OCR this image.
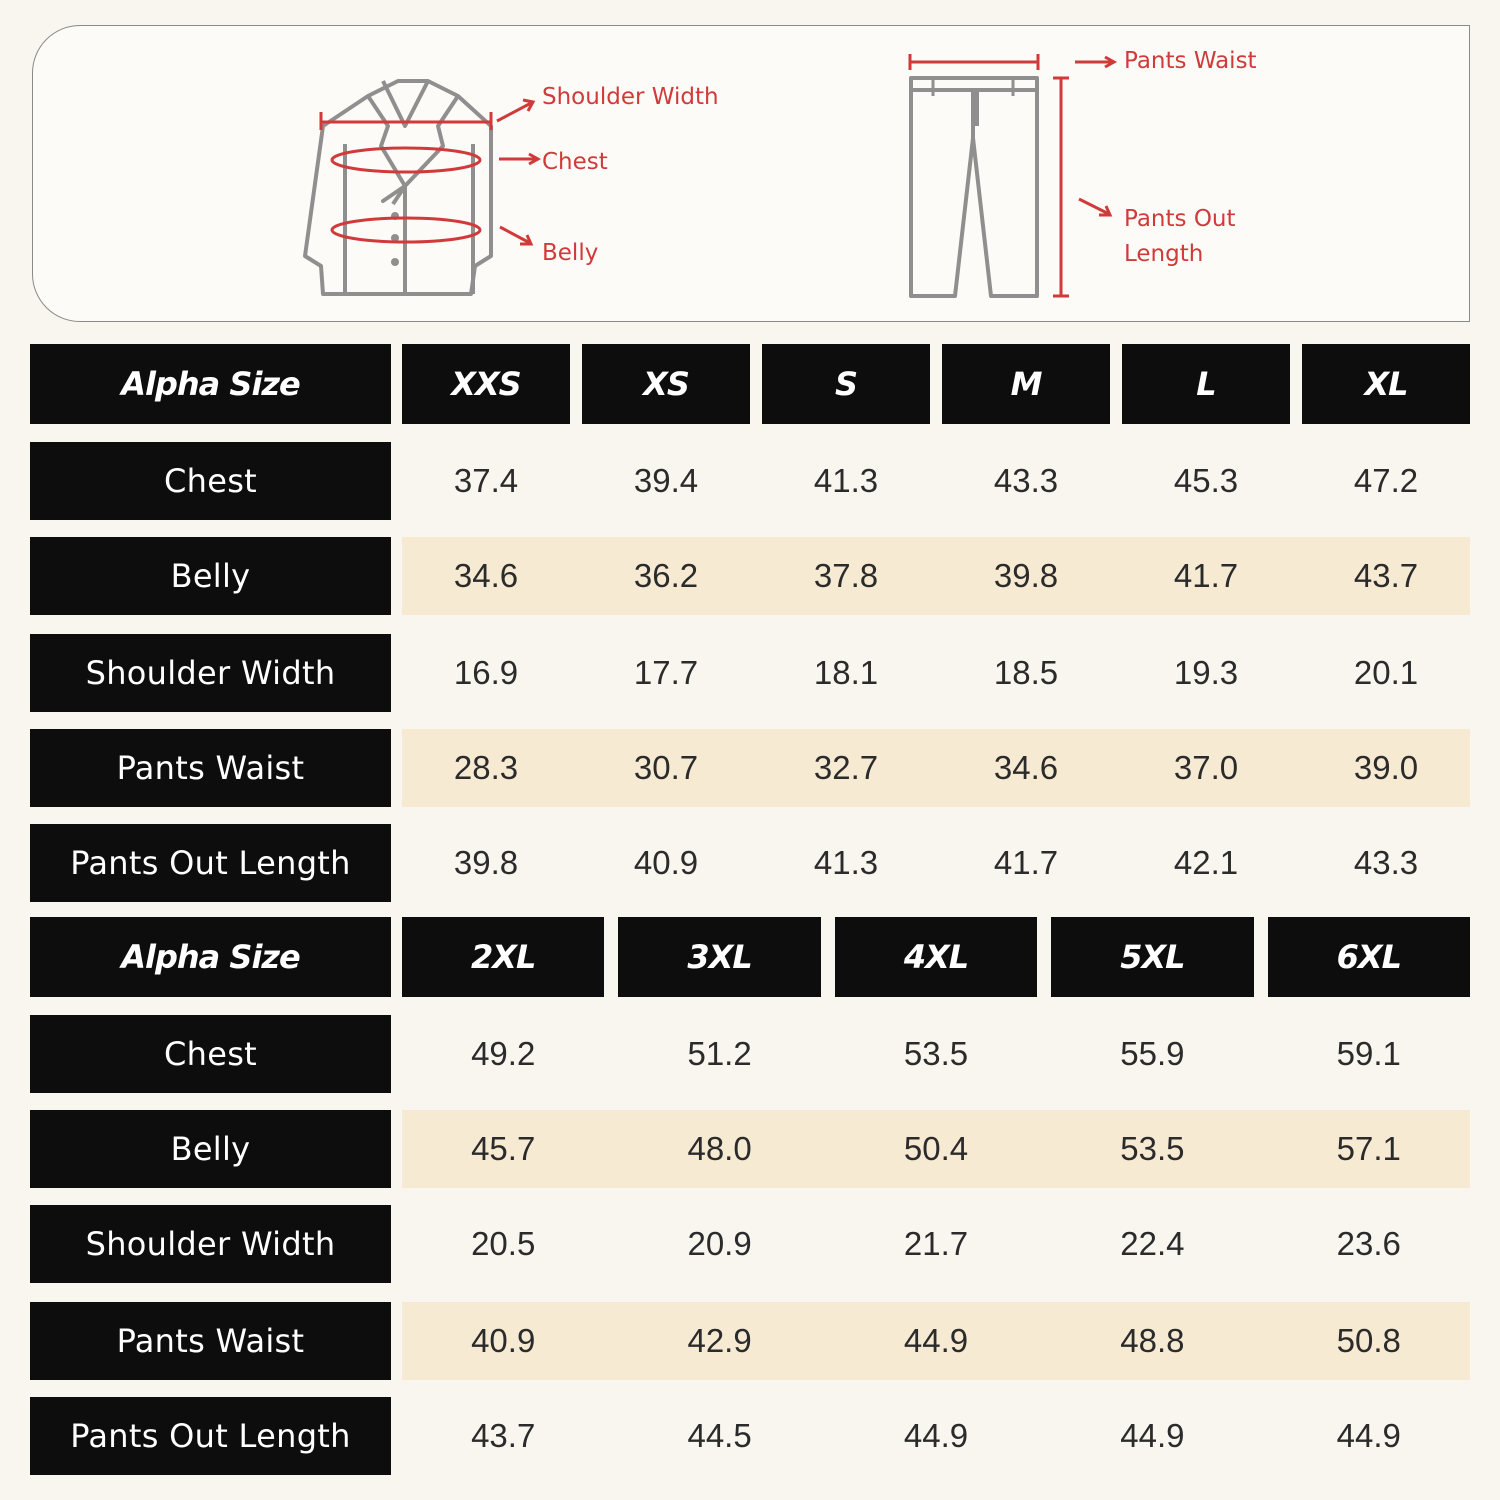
Shoulder Width
Chest
Belly
Pants Waist
Pants Out
Length
Alpha Size	XXS	XS	S	M	L	XL
Chest	37.4	39.4	41.3	43.3	45.3	47.2
Belly	34.6	36.2	37.8	39.8	41.7	43.7
Shoulder Width	16.9	17.7	18.1	18.5	19.3	20.1
Pants Waist	28.3	30.7	32.7	34.6	37.0	39.0
Pants Out Length	39.8	40.9	41.3	41.7	42.1	43.3
Alpha Size	2XL	3XL	4XL	5XL	6XL
Chest	49.2	51.2	53.5	55.9	59.1
Belly	45.7	48.0	50.4	53.5	57.1
Shoulder Width	20.5	20.9	21.7	22.4	23.6
Pants Waist	40.9	42.9	44.9	48.8	50.8
Pants Out Length	43.7	44.5	44.9	44.9	44.9
